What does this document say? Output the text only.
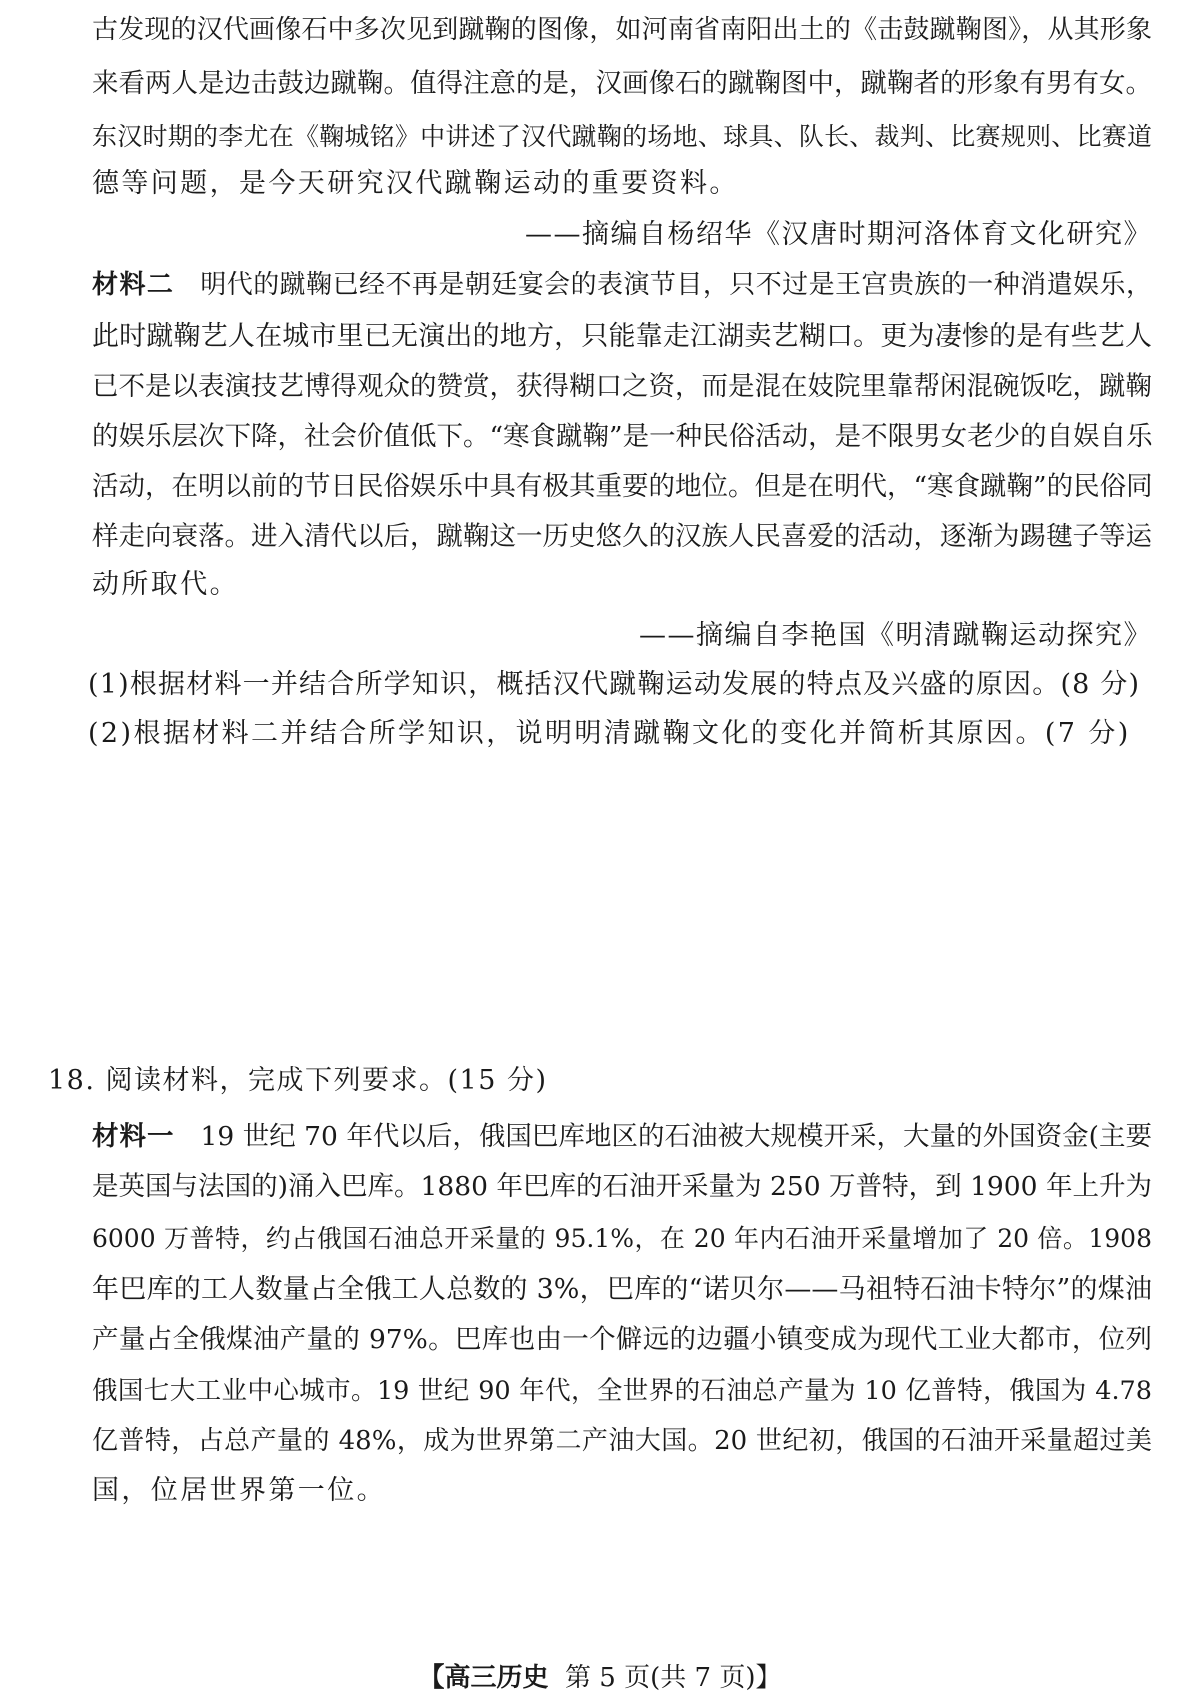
古发现的汉代画像石中多次见到蹴鞠的图像，如河南省南阳出土的《击鼓蹴鞠图》，从其形象
来看两人是边击鼓边蹴鞠。值得注意的是，汉画像石的蹴鞠图中，蹴鞠者的形象有男有女。
东汉时期的李尤在《鞠城铭》中讲述了汉代蹴鞠的场地、球具、队长、裁判、比赛规则、比赛道
德等问题，是今天研究汉代蹴鞠运动的重要资料。
——摘编自杨绍华《汉唐时期河洛体育文化研究》
材料二 明代的蹴鞠已经不再是朝廷宴会的表演节目，只不过是王宫贵族的一种消遣娱乐，
此时蹴鞠艺人在城市里已无演出的地方，只能靠走江湖卖艺糊口。更为凄惨的是有些艺人
已不是以表演技艺博得观众的赞赏，获得糊口之资，而是混在妓院里靠帮闲混碗饭吃，蹴鞠
的娱乐层次下降，社会价值低下。“寒食蹴鞠”是一种民俗活动，是不限男女老少的自娱自乐
活动，在明以前的节日民俗娱乐中具有极其重要的地位。但是在明代，“寒食蹴鞠”的民俗同
样走向衰落。进入清代以后，蹴鞠这一历史悠久的汉族人民喜爱的活动，逐渐为踢毽子等运
动所取代。
——摘编自李艳国《明清蹴鞠运动探究》
(1)根据材料一并结合所学知识，概括汉代蹴鞠运动发展的特点及兴盛的原因。(8 分)
(2)根据材料二并结合所学知识，说明明清蹴鞠文化的变化并简析其原因。(7 分)
18. 阅读材料，完成下列要求。(15 分)
材料一 19 世纪 70 年代以后，俄国巴库地区的石油被大规模开采，大量的外国资金(主要
是英国与法国的)涌入巴库。1880 年巴库的石油开采量为 250 万普特，到 1900 年上升为
6000 万普特，约占俄国石油总开采量的 95.1%，在 20 年内石油开采量增加了 20 倍。1908
年巴库的工人数量占全俄工人总数的 3%，巴库的“诺贝尔——马祖特石油卡特尔”的煤油
产量占全俄煤油产量的 97%。巴库也由一个僻远的边疆小镇变成为现代工业大都市，位列
俄国七大工业中心城市。19 世纪 90 年代，全世界的石油总产量为 10 亿普特，俄国为 4.78
亿普特，占总产量的 48%，成为世界第二产油大国。20 世纪初，俄国的石油开采量超过美
国，位居世界第一位。
【高三历史 第 5 页(共 7 页)】
